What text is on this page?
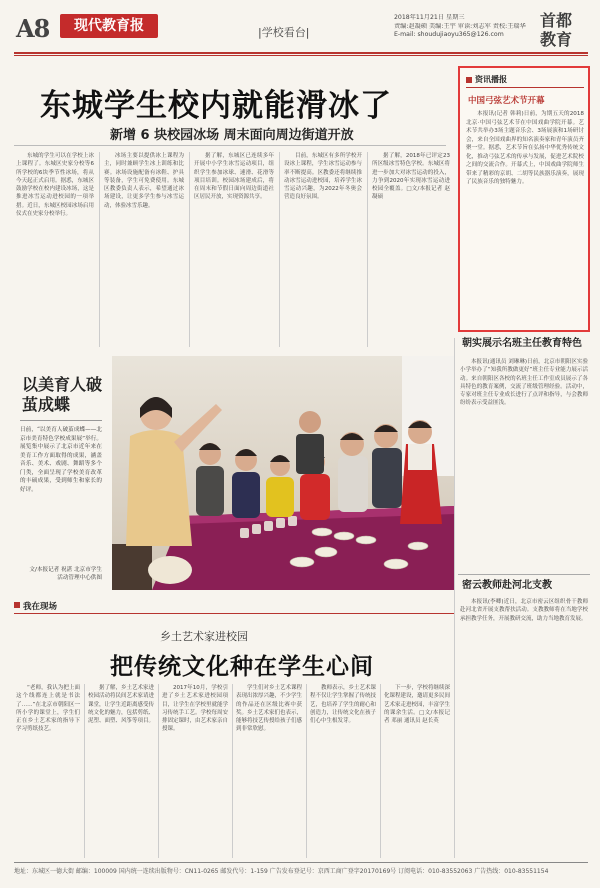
A8	现代教育报	|学校看台|
2018年11月21日 星期三
责编:赵凝硕 美编:王宇 审读:刘志军 责校:王瑞华
E-mail: shoudujiaoyu365@126.com
首都
教育
东城学生校内就能滑冰了
新增 6 块校园冰场 周末面向周边街道开放

东城的学生可以在学校上冰上课程了。东城区史家分校等6所学校的6块季节性冰场，将从今天起正式启用。据悉，东城区鼓励学校在校内建设冰场，这是推进冰雪运动进校园的一项举措。近日，东城区校园冰场启用仪式在史家分校举行。

冰场主要以提供冰上课程为主，同时兼顾学生冰上训练和比赛。冰场设施配备有冰鞋、护具等装备，学生可免费使用。东城区教委负责人表示，希望通过冰场建设，让更多学生参与冰雪运动，体验冰雪乐趣。

据了解，东城区已连续多年开展中小学生冰雪运动项目，组织学生参加冰球、速滑、花滑等项目培训。校园冰场建成后，将在周末和节假日面向周边街道社区居民开放，实现资源共享。

目前，东城区有多所学校开设冰上课程，学生冰雪运动参与率不断提高。区教委还将继续推动冰雪运动进校园，培养学生冰雪运动兴趣，为2022年冬奥会营造良好氛围。

据了解，2018年已评定23所区级冰雪特色学校。东城区将进一步加大对冰雪运动的投入，力争到2020年实现冰雪运动进校园全覆盖。□文/本报记者 赵凝硕

资讯播报
中国弓弦艺术节开幕

本报讯(记者 韩莉)日前，为期五天的2018北京·中国弓弦艺术节在中国戏曲学院开幕。艺术节共举办3场主题音乐会、3场展演和1场研讨会，来自全国戏曲界的知名演奏家和青年演员齐聚一堂。据悉，艺术节旨在弘扬中华优秀传统文化，推动弓弦艺术的传承与发展，促进艺术院校之间的交流合作。开幕式上，中国戏曲学院师生带来了精彩的京胡、二胡等民族器乐演奏，展现了民族音乐的独特魅力。

朝实展示名班主任教育特色

本报讯(通讯员 刘琳琳)日前，北京市朝阳区实验小学举办了“知我所教做更好”班主任专业能力展示活动。来自朝阳区各校的名班主任工作室成员展示了各具特色的教育案例，交流了班级管理经验。活动中，专家对班主任专业成长进行了点评和指导，与会教师纷纷表示受益匪浅。

密云教师赴河北支教

本报讯(李卿)近日，北京市密云区组织骨干教师赴河北省开展支教帮扶活动。支教教师将在当地学校承担教学任务，开展教研交流，助力当地教育发展。

以美育人破茧成蝶
日前，“以美育人破茧成蝶——北京市美育特色学校成果展”举行。展览集中展示了北京市近年来在美育工作方面取得的成果，涵盖音乐、美术、戏剧、舞蹈等多个门类，全面呈现了学校美育改革的丰硕成果，受到师生和家长的好评。
文/本报记者 祝湛 北京市学生活动管理中心供图
我在现场
乡土艺术家进校园
把传统文化种在学生心间

“老师，我认为把上面这个线都连上就是书法了……”在北京市朝阳区一所小学的课堂上，学生们正在乡土艺术家的指导下学习剪纸技艺。

据了解，乡土艺术家进校园活动将民间艺术家请进课堂，让学生近距离感受传统文化的魅力，包括剪纸、泥塑、面塑、风筝等项目。

2017年10月，学校引进了乡土艺术家进校园项目，让学生在学校里就能学习传统手工艺。学校每周安排固定课时，由艺术家亲自授课。

学生们对乡土艺术课程表现出浓厚兴趣，不少学生的作品还在区级比赛中获奖。乡土艺术家们也表示，能够将技艺传授给孩子们感到非常欣慰。

教师表示，乡土艺术课程不仅让学生掌握了传统技艺，也培养了学生的耐心和创造力，让传统文化在孩子们心中生根发芽。

下一步，学校将继续深化课程建设，邀请更多民间艺术家走进校园，丰富学生的课余生活。□文/本报记者 邓丽 通讯员 赵长英

地址：东城区一德大街 邮编：100009 国内统一连续出版物号：CN11-0265 邮发代号：1-159 广告发布登记号：京西工商广登字20170169号 订阅电话：010-83552063 广告热线：010-83551154
